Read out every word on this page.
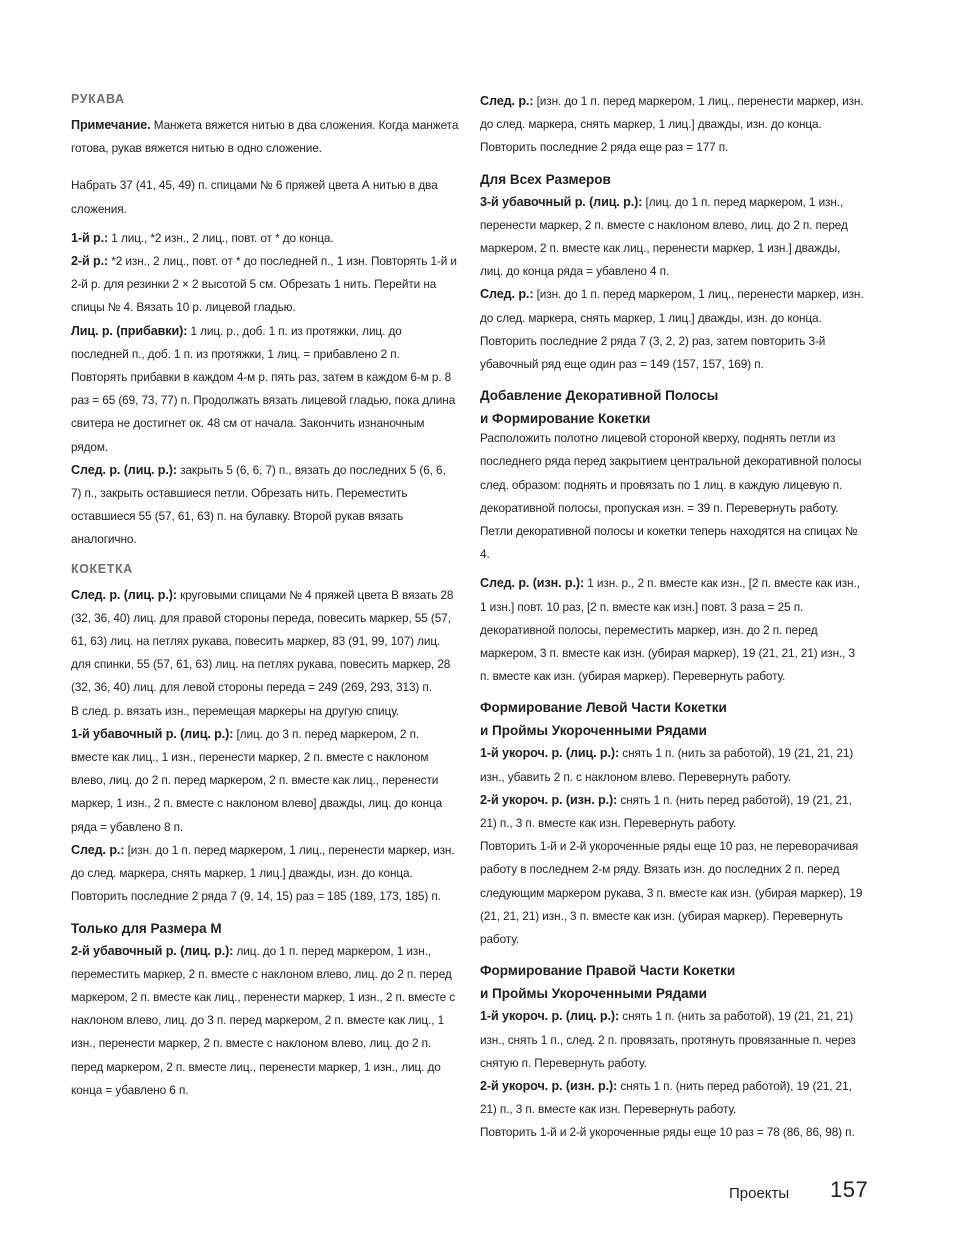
РУКАВА

Примечание. Манжета вяжется нитью в два сложения. Когда манжета готова, рукав вяжется нитью в одно сложение.

Набрать 37 (41, 45, 49) п. спицами № 6 пряжей цвета А нитью в два сложения.

1-й р.: 1 лиц., *2 изн., 2 лиц., повт. от * до конца.

2-й р.: *2 изн., 2 лиц., повт. от * до последней п., 1 изн. Повторять 1-й и 2-й р. для резинки 2 × 2 высотой 5 см. Обрезать 1 нить. Перейти на спицы № 4. Вязать 10 р. лицевой гладью.

Лиц. р. (прибавки): 1 лиц. р., доб. 1 п. из протяжки, лиц. до последней п., доб. 1 п. из протяжки, 1 лиц. = прибавлено 2 п. Повторять прибавки в каждом 4-м р. пять раз, затем в каждом 6-м р. 8 раз = 65 (69, 73, 77) п. Продолжать вязать лицевой гладью, пока длина свитера не достигнет ок. 48 см от начала. Закончить изнаночным рядом.

След. р. (лиц. р.): закрыть 5 (6, 6, 7) п., вязать до последних 5 (6, 6, 7) п., закрыть оставшиеся петли. Обрезать нить. Переместить оставшиеся 55 (57, 61, 63) п. на булавку. Второй рукав вязать аналогично.

КОКЕТКА

След. р. (лиц. р.): круговыми спицами № 4 пряжей цвета В вязать 28 (32, 36, 40) лиц. для правой стороны переда, повесить маркер, 55 (57, 61, 63) лиц. на петлях рукава, повесить маркер, 83 (91, 99, 107) лиц. для спинки, 55 (57, 61, 63) лиц. на петлях рукава, повесить маркер, 28 (32, 36, 40) лиц. для левой стороны переда = 249 (269, 293, 313) п.

В след. р. вязать изн., перемещая маркеры на другую спицу.

1-й убавочный р. (лиц. р.): [лиц. до 3 п. перед маркером, 2 п. вместе как лиц., 1 изн., перенести маркер, 2 п. вместе с наклоном влево, лиц. до 2 п. перед маркером, 2 п. вместе как лиц., перенести маркер, 1 изн., 2 п. вместе с наклоном влево] дважды, лиц. до конца ряда = убавлено 8 п.

След. р.: [изн. до 1 п. перед маркером, 1 лиц., перенести маркер, изн. до след. маркера, снять маркер, 1 лиц.] дважды, изн. до конца. Повторить последние 2 ряда 7 (9, 14, 15) раз = 185 (189, 173, 185) п.

Только для Размера M

2-й убавочный р. (лиц. р.): лиц. до 1 п. перед маркером, 1 изн., переместить маркер, 2 п. вместе с наклоном влево, лиц. до 2 п. перед маркером, 2 п. вместе как лиц., перенести маркер, 1 изн., 2 п. вместе с наклоном влево, лиц. до 3 п. перед маркером, 2 п. вместе как лиц., 1 изн., перенести маркер, 2 п. вместе с наклоном влево, лиц. до 2 п. перед маркером, 2 п. вместе лиц., перенести маркер, 1 изн., лиц. до конца = убавлено 6 п.

След. р.: [изн. до 1 п. перед маркером, 1 лиц., перенести маркер, изн. до след. маркера, снять маркер, 1 лиц.] дважды, изн. до конца. Повторить последние 2 ряда еще раз = 177 п.

Для Всех Размеров

3-й убавочный р. (лиц. р.): [лиц. до 1 п. перед маркером, 1 изн., перенести маркер, 2 п. вместе с наклоном влево, лиц. до 2 п. перед маркером, 2 п. вместе как лиц., перенести маркер, 1 изн.] дважды, лиц. до конца ряда = убавлено 4 п.

След. р.: [изн. до 1 п. перед маркером, 1 лиц., перенести маркер, изн. до след. маркера, снять маркер, 1 лиц.] дважды, изн. до конца. Повторить последние 2 ряда 7 (3, 2, 2) раз, затем повторить 3-й убавочный ряд еще один раз = 149 (157, 157, 169) п.

Добавление Декоративной Полосы
и Формирование Кокетки

Расположить полотно лицевой стороной кверху, поднять петли из последнего ряда перед закрытием центральной декоративной полосы след. образом: поднять и провязать по 1 лиц. в каждую лицевую п. декоративной полосы, пропуская изн. = 39 п. Перевернуть работу. Петли декоративной полосы и кокетки теперь находятся на спицах № 4.

След. р. (изн. р.): 1 изн. р., 2 п. вместе как изн., [2 п. вместе как изн., 1 изн.] повт. 10 раз, [2 п. вместе как изн.] повт. 3 раза = 25 п. декоративной полосы, переместить маркер, изн. до 2 п. перед маркером, 3 п. вместе как изн. (убирая маркер), 19 (21, 21, 21) изн., 3 п. вместе как изн. (убирая маркер). Перевернуть работу.

Формирование Левой Части Кокетки
и Проймы Укороченными Рядами

1-й укороч. р. (лиц. р.): снять 1 п. (нить за работой), 19 (21, 21, 21) изн., убавить 2 п. с наклоном влево. Перевернуть работу.

2-й укороч. р. (изн. р.): снять 1 п. (нить перед работой), 19 (21, 21, 21) п., 3 п. вместе как изн. Перевернуть работу.

Повторить 1-й и 2-й укороченные ряды еще 10 раз, не переворачивая работу в последнем 2-м ряду. Вязать изн. до последних 2 п. перед следующим маркером рукава, 3 п. вместе как изн. (убирая маркер), 19 (21, 21, 21) изн., 3 п. вместе как изн. (убирая маркер). Перевернуть работу.

Формирование Правой Части Кокетки
и Проймы Укороченными Рядами

1-й укороч. р. (лиц. р.): снять 1 п. (нить за работой), 19 (21, 21, 21) изн., снять 1 п., след. 2 п. провязать, протянуть провязанные п. через снятую п. Перевернуть работу.

2-й укороч. р. (изн. р.): снять 1 п. (нить перед работой), 19 (21, 21, 21) п., 3 п. вместе как изн. Перевернуть работу.

Повторить 1-й и 2-й укороченные ряды еще 10 раз = 78 (86, 86, 98) п.

Проекты 157
